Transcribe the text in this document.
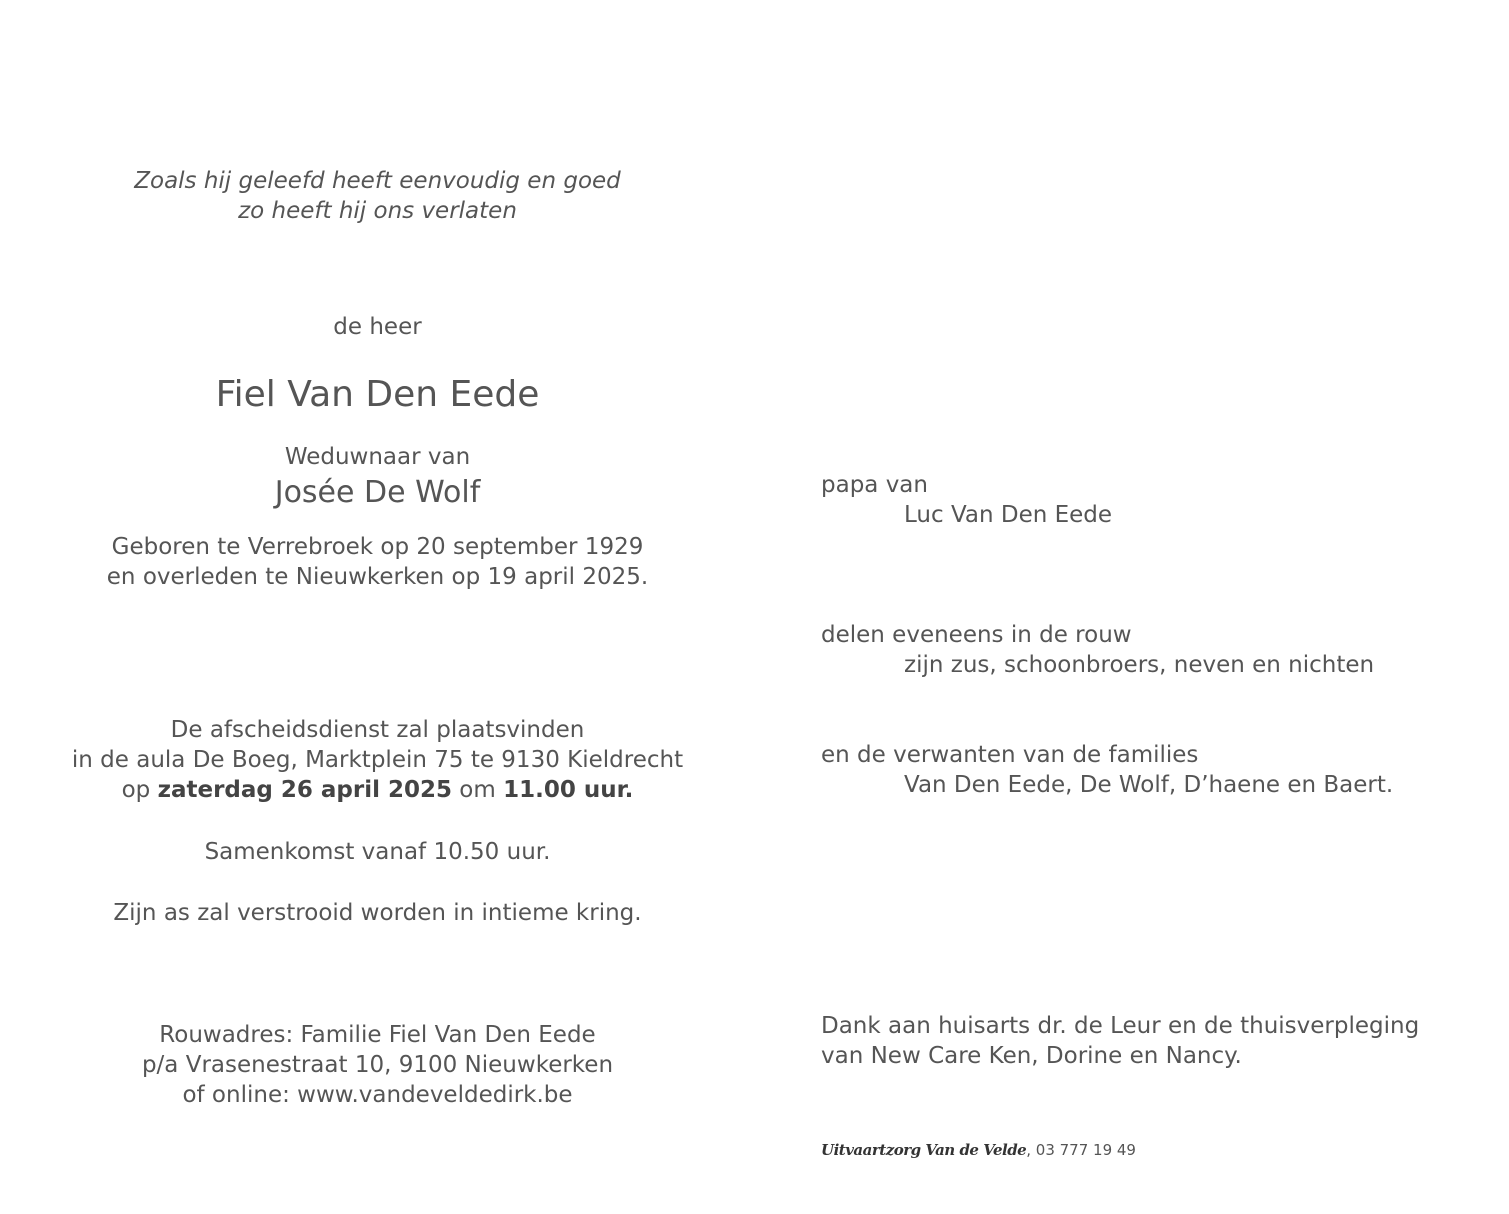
Zoals hij geleefd heeft eenvoudig en goed
zo heeft hij ons verlaten
de heer
Fiel Van Den Eede
Weduwnaar van
Josée De Wolf
Geboren te Verrebroek op 20 september 1929
en overleden te Nieuwkerken op 19 april 2025.
De afscheidsdienst zal plaatsvinden
in de aula De Boeg, Marktplein 75 te 9130 Kieldrecht
op zaterdag 26 april 2025 om 11.00 uur.
Samenkomst vanaf 10.50 uur.
Zijn as zal verstrooid worden in intieme kring.
Rouwadres: Familie Fiel Van Den Eede
p/a Vrasenestraat 10, 9100 Nieuwkerken
of online: www.vandeveldedirk.be
papa van
Luc Van Den Eede
delen eveneens in de rouw
zijn zus, schoonbroers, neven en nichten
en de verwanten van de families
Van Den Eede, De Wolf, D’haene en Baert.
Dank aan huisarts dr. de Leur en de thuisverpleging
van New Care Ken, Dorine en Nancy.
Uitvaartzorg Van de Velde, 03 777 19 49
